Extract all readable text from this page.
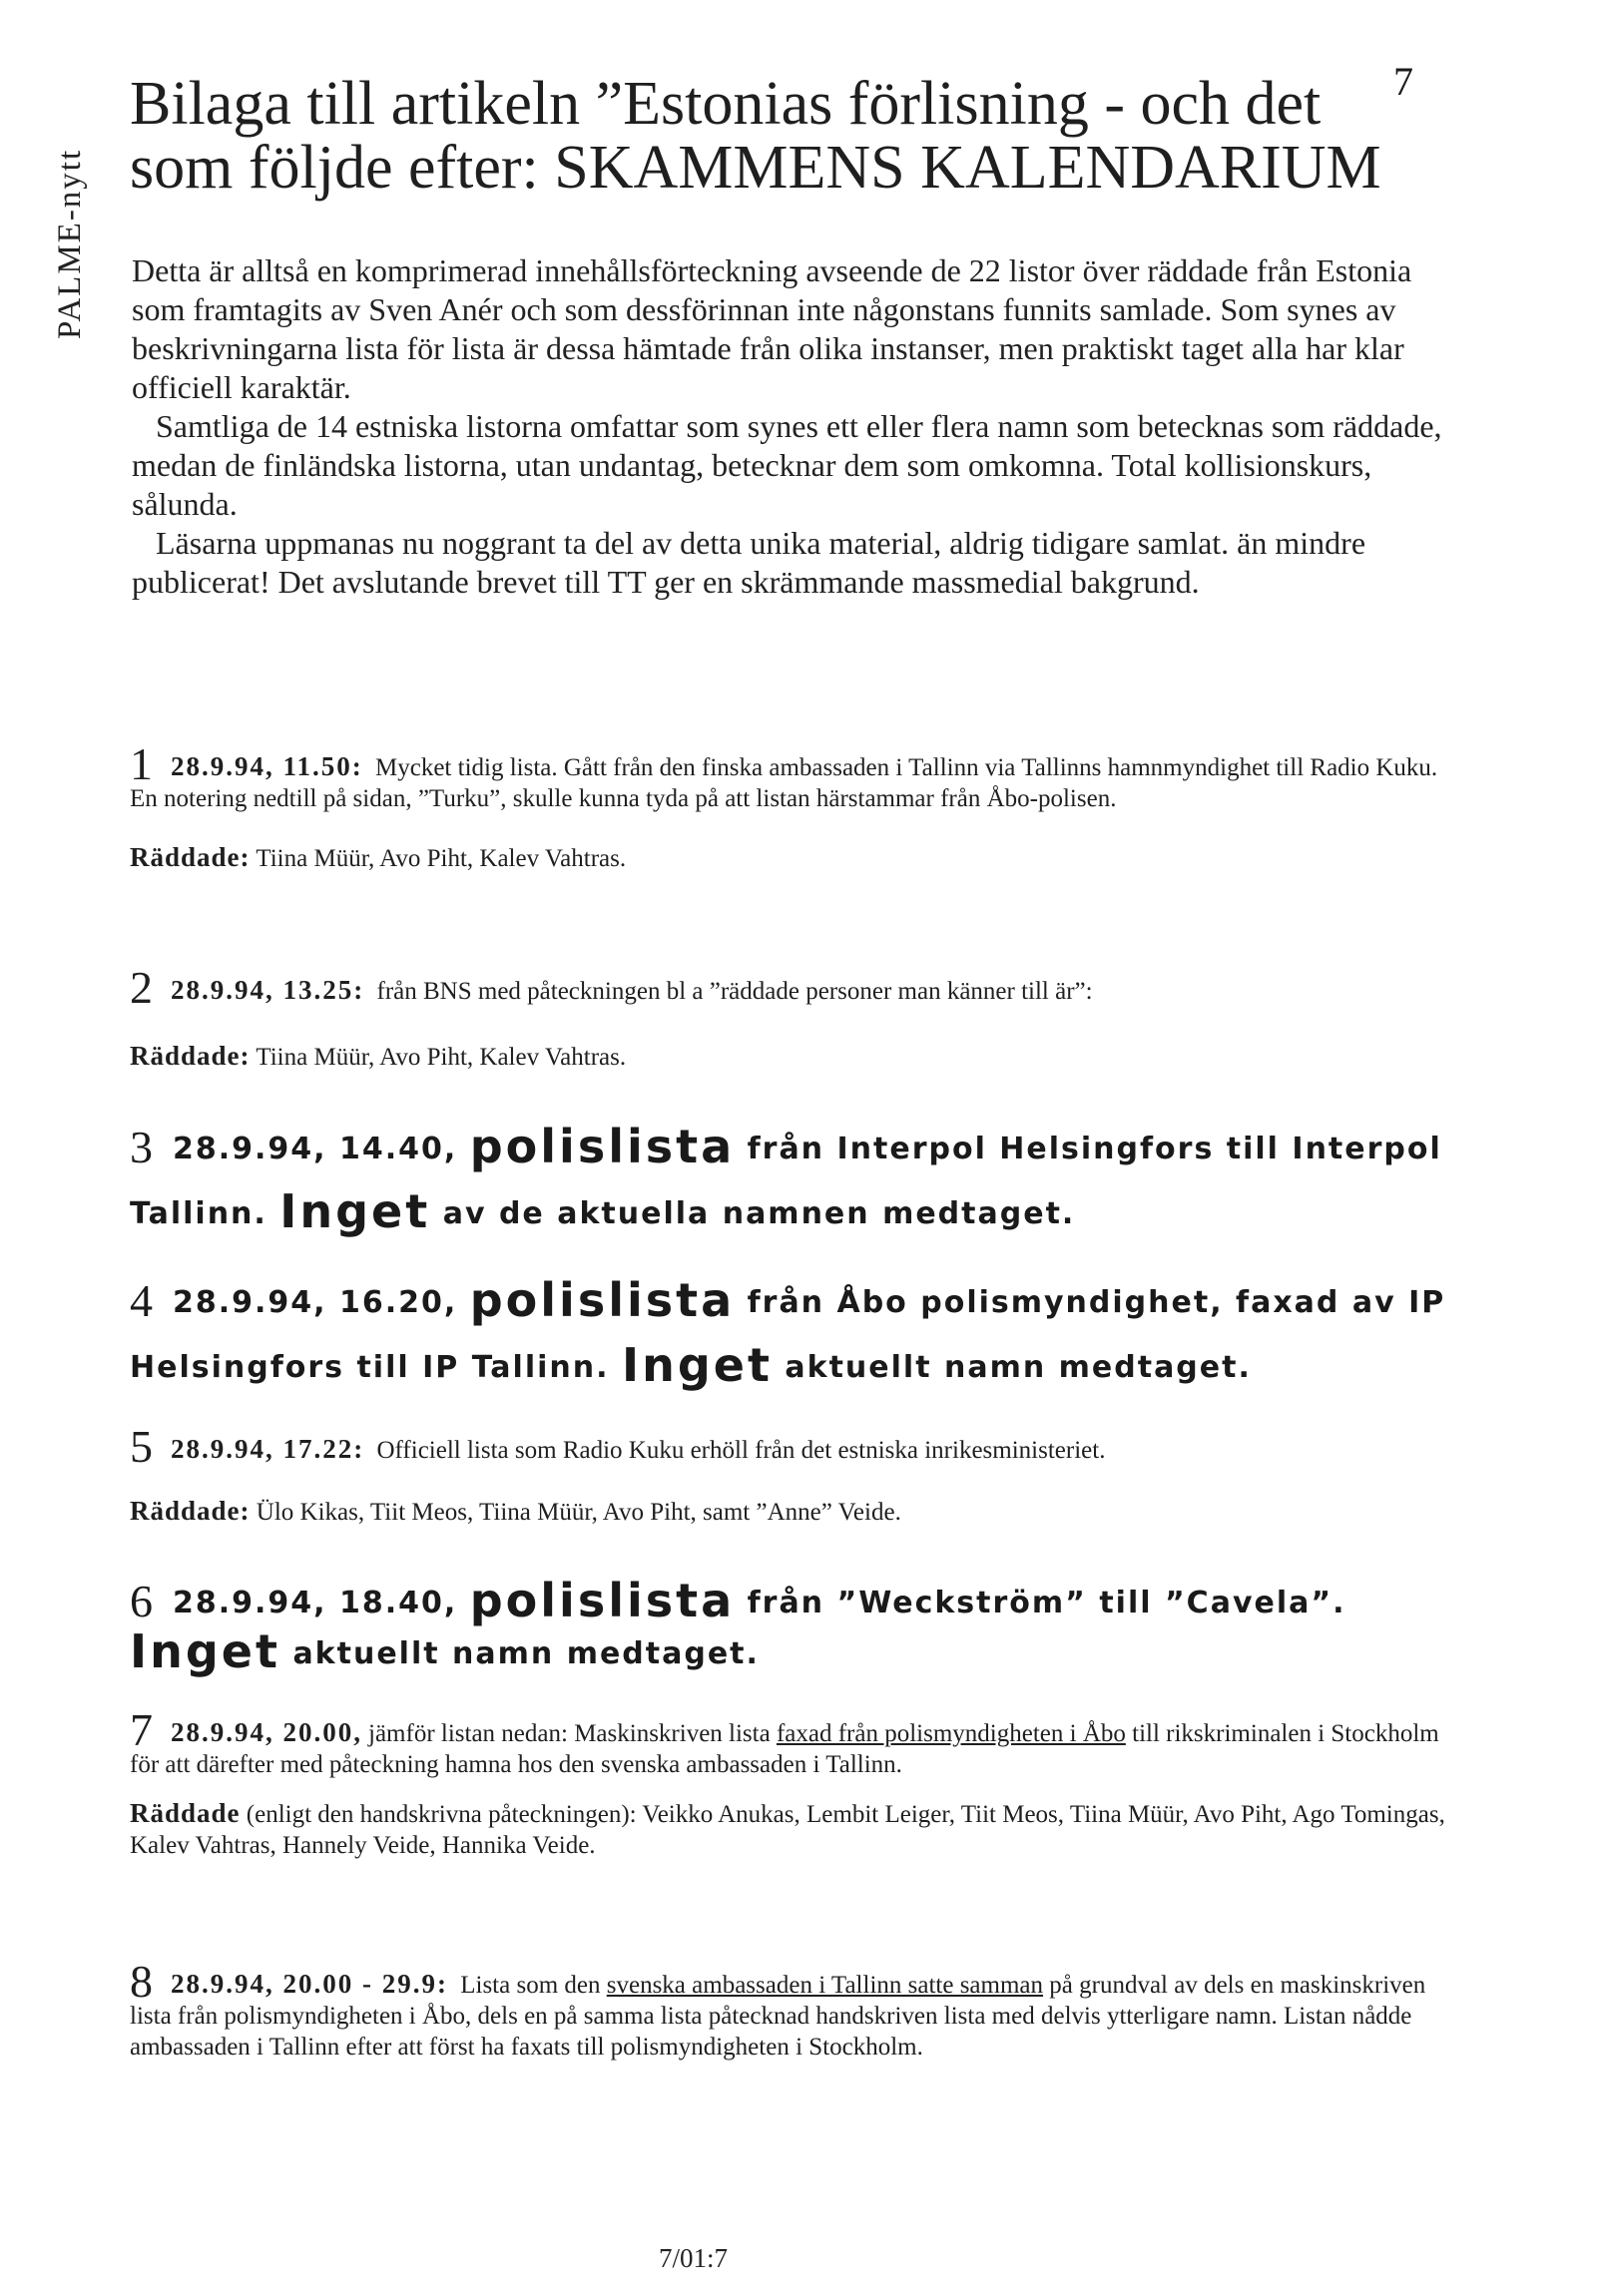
PALME-nytt
7
Bilaga till artikeln ”Estonias förlisning - och det
som följde efter: SKAMMENS KALENDARIUM

Detta är alltså en komprimerad innehållsförteckning avseende de 22 listor över räddade från Estonia som framtagits av Sven Anér och som dessförinnan inte någonstans funnits samlade. Som synes av beskrivningarna lista för lista är dessa hämtade från olika instanser, men praktiskt taget alla har klar officiell karaktär.

Samtliga de 14 estniska listorna omfattar som synes ett eller flera namn som betecknas som räddade, medan de finländska listorna, utan undantag, betecknar dem som omkomna. Total kollisionskurs, sålunda.

Läsarna uppmanas nu noggrant ta del av detta unika material, aldrig tidigare samlat. än mindre publicerat! Det avslutande brevet till TT ger en skrämmande massmedial bakgrund.

1 28.9.94, 11.50: Mycket tidig lista. Gått från den finska ambassaden i Tallinn via Tallinns hamnmyndighet till Radio Kuku. En notering nedtill på sidan, ”Turku”, skulle kunna tyda på att listan härstammar från Åbo-polisen.
Räddade: Tiina Müür, Avo Piht, Kalev Vahtras.
2 28.9.94, 13.25: från BNS med påteckningen bl a ”räddade personer man känner till är”:
Räddade: Tiina Müür, Avo Piht, Kalev Vahtras.
3 28.9.94, 14.40, polislista från Interpol Helsingfors till Interpol Tallinn. Inget av de aktuella namnen medtaget.
4 28.9.94, 16.20, polislista från Åbo polismyndighet, faxad av IP Helsingfors till IP Tallinn. Inget aktuellt namn medtaget.
5 28.9.94, 17.22: Officiell lista som Radio Kuku erhöll från det estniska inrikesministeriet.
Räddade: Ülo Kikas, Tiit Meos, Tiina Müür, Avo Piht, samt ”Anne” Veide.
6 28.9.94, 18.40, polislista från ”Weckström” till ”Cavela”. Inget aktuellt namn medtaget.
7 28.9.94, 20.00, jämför listan nedan: Maskinskriven lista faxad från polismyndigheten i Åbo till rikskriminalen i Stockholm för att därefter med påteckning hamna hos den svenska ambassaden i Tallinn.
Räddade (enligt den handskrivna påteckningen): Veikko Anukas, Lembit Leiger, Tiit Meos, Tiina Müür, Avo Piht, Ago Tomingas, Kalev Vahtras, Hannely Veide, Hannika Veide.
8 28.9.94, 20.00 - 29.9: Lista som den svenska ambassaden i Tallinn satte samman på grundval av dels en maskinskriven lista från polismyndigheten i Åbo, dels en på samma lista påtecknad handskriven lista med delvis ytterligare namn. Listan nådde ambassaden i Tallinn efter att först ha faxats till polismyndigheten i Stockholm.
7/01:7
